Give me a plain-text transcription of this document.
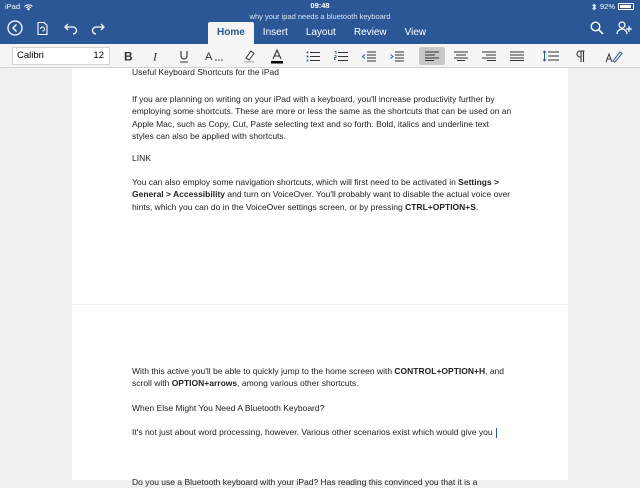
iPad	09:48	92%
why your ipad needs a bluetooth keyboard
Home	Insert	Layout	Review	View
Calibri	12 B I	A
Useful Keyboard Shortcuts for the iPad
If you are planning on writing on your iPad with a keyboard, you'll increase productivity further by employing some shortcuts. These are more or less the same as the shortcuts that can be used on an Apple Mac, such as Copy, Cut, Paste selecting text and so forth. Bold, italics and underline text styles can also be applied with shortcuts.
LINK
You can also employ some navigation shortcuts, which will first need to be activated in Settings > General > Accessibility and turn on VoiceOver. You'll probably want to disable the actual voice over hints, which you can do in the VoiceOver settings screen, or by pressing CTRL+OPTION+S.
With this active you'll be able to quickly jump to the home screen with CONTROL+OPTION+H, and scroll with OPTION+arrows, among various other shortcuts.
When Else Might You Need A Bluetooth Keyboard?
It's not just about word processing, however. Various other scenarios exist which would give you
Do you use a Bluetooth keyboard with your iPad? Has reading this convinced you that it is a
